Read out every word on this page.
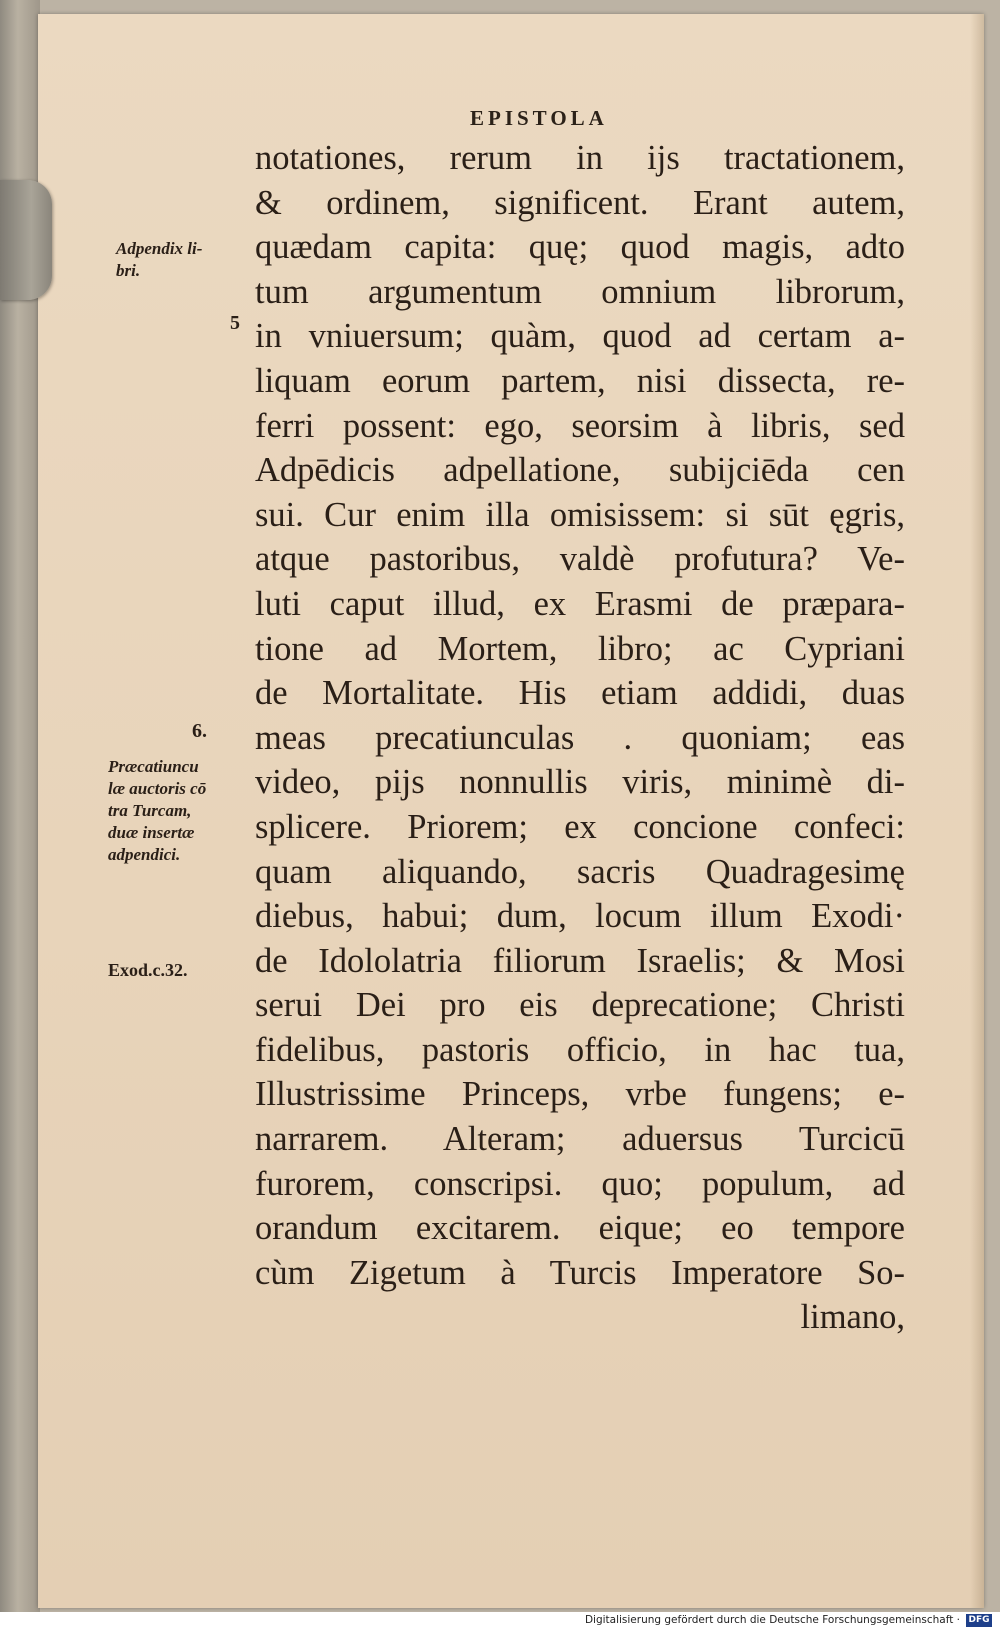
EPISTOLA
notationes, rerum in ijs tractationem,
& ordinem, significent. Erant autem,
quædam capita: quę; quod magis, adto
tum argumentum omnium librorum,
in vniuersum; quàm, quod ad certam a-
liquam eorum partem, nisi dissecta, re-
ferri possent: ego, seorsim à libris, sed
Adpēdicis adpellatione, subijciēda cen
sui. Cur enim illa omisissem: si sūt ęgris,
atque pastoribus, valdè profutura? Ve-
luti caput illud, ex Erasmi de præpara-
tione ad Mortem, libro; ac Cypriani
de Mortalitate. His etiam addidi, duas
meas precatiunculas . quoniam; eas
video, pijs nonnullis viris, minimè di-
splicere. Priorem; ex concione confeci:
quam aliquando, sacris Quadragesimę
diebus, habui; dum, locum illum Exodi·
de Idololatria filiorum Israelis; & Mosi
serui Dei pro eis deprecatione; Christi
fidelibus, pastoris officio, in hac tua,
Illustrissime Princeps, vrbe fungens; e-
narrarem. Alteram; aduersus Turcicū
furorem, conscripsi. quo; populum, ad
orandum excitarem. eique; eo tempore
cùm Zigetum à Turcis Imperatore So-
limano,
Adpendix li-
bri.
5
6.
Præcatiuncu
læ auctoris cō
tra Turcam,
duæ insertæ
adpendici.
Exod.c.32.
Digitalisierung gefördert durch die Deutsche Forschungsgemeinschaft · DFG
